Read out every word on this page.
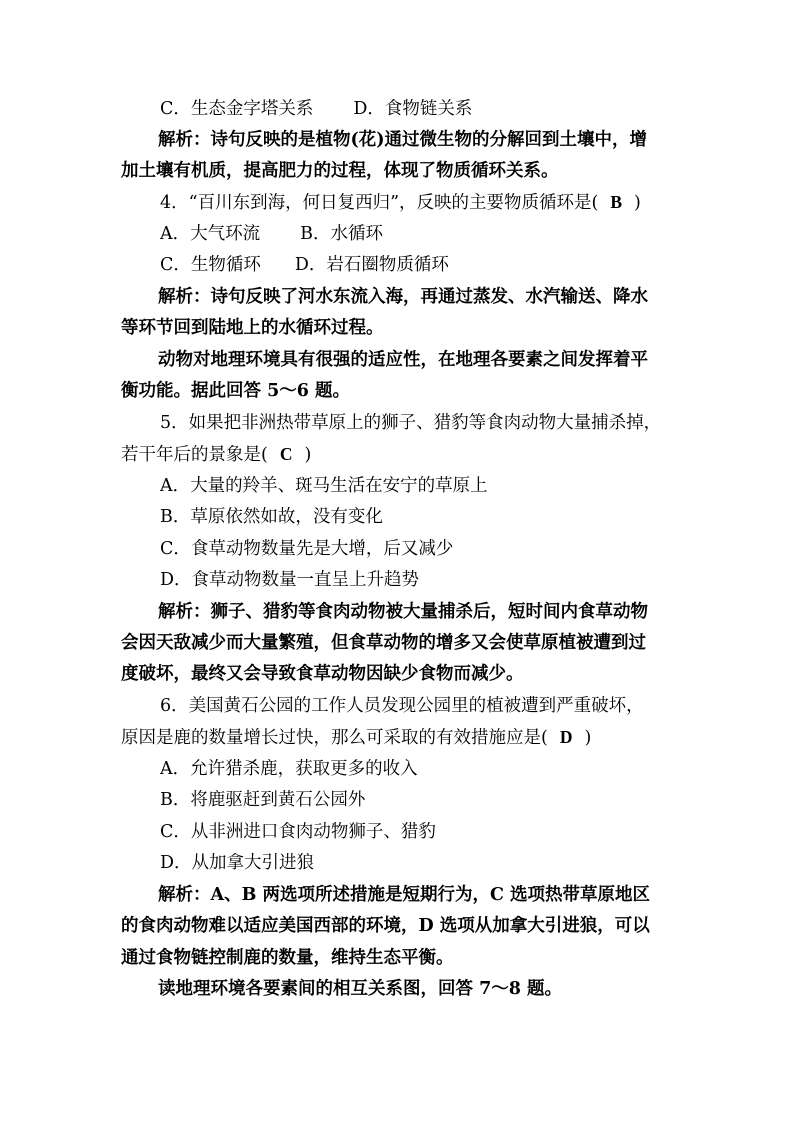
C．生态金字塔关系 D．食物链关系
解析：诗句反映的是植物(花)通过微生物的分解回到土壤中，增
加土壤有机质，提高肥力的过程，体现了物质循环关系。
4．“百川东到海，何日复西归”，反映的主要物质循环是( B )
A．大气环流 B．水循环
C．生物循环 D．岩石圈物质循环
解析：诗句反映了河水东流入海，再通过蒸发、水汽输送、降水
等环节回到陆地上的水循环过程。
动物对地理环境具有很强的适应性，在地理各要素之间发挥着平
衡功能。据此回答 5～6 题。
5．如果把非洲热带草原上的狮子、猎豹等食肉动物大量捕杀掉，
若干年后的景象是( C )
A．大量的羚羊、斑马生活在安宁的草原上
B．草原依然如故，没有变化
C．食草动物数量先是大增，后又减少
D．食草动物数量一直呈上升趋势
解析：狮子、猎豹等食肉动物被大量捕杀后，短时间内食草动物
会因天敌减少而大量繁殖，但食草动物的增多又会使草原植被遭到过
度破坏，最终又会导致食草动物因缺少食物而减少。
6．美国黄石公园的工作人员发现公园里的植被遭到严重破坏，
原因是鹿的数量增长过快，那么可采取的有效措施应是( D )
A．允许猎杀鹿，获取更多的收入
B．将鹿驱赶到黄石公园外
C．从非洲进口食肉动物狮子、猎豹
D．从加拿大引进狼
解析：A、B 两选项所述措施是短期行为，C 选项热带草原地区
的食肉动物难以适应美国西部的环境，D 选项从加拿大引进狼，可以
通过食物链控制鹿的数量，维持生态平衡。
读地理环境各要素间的相互关系图，回答 7～8 题。
